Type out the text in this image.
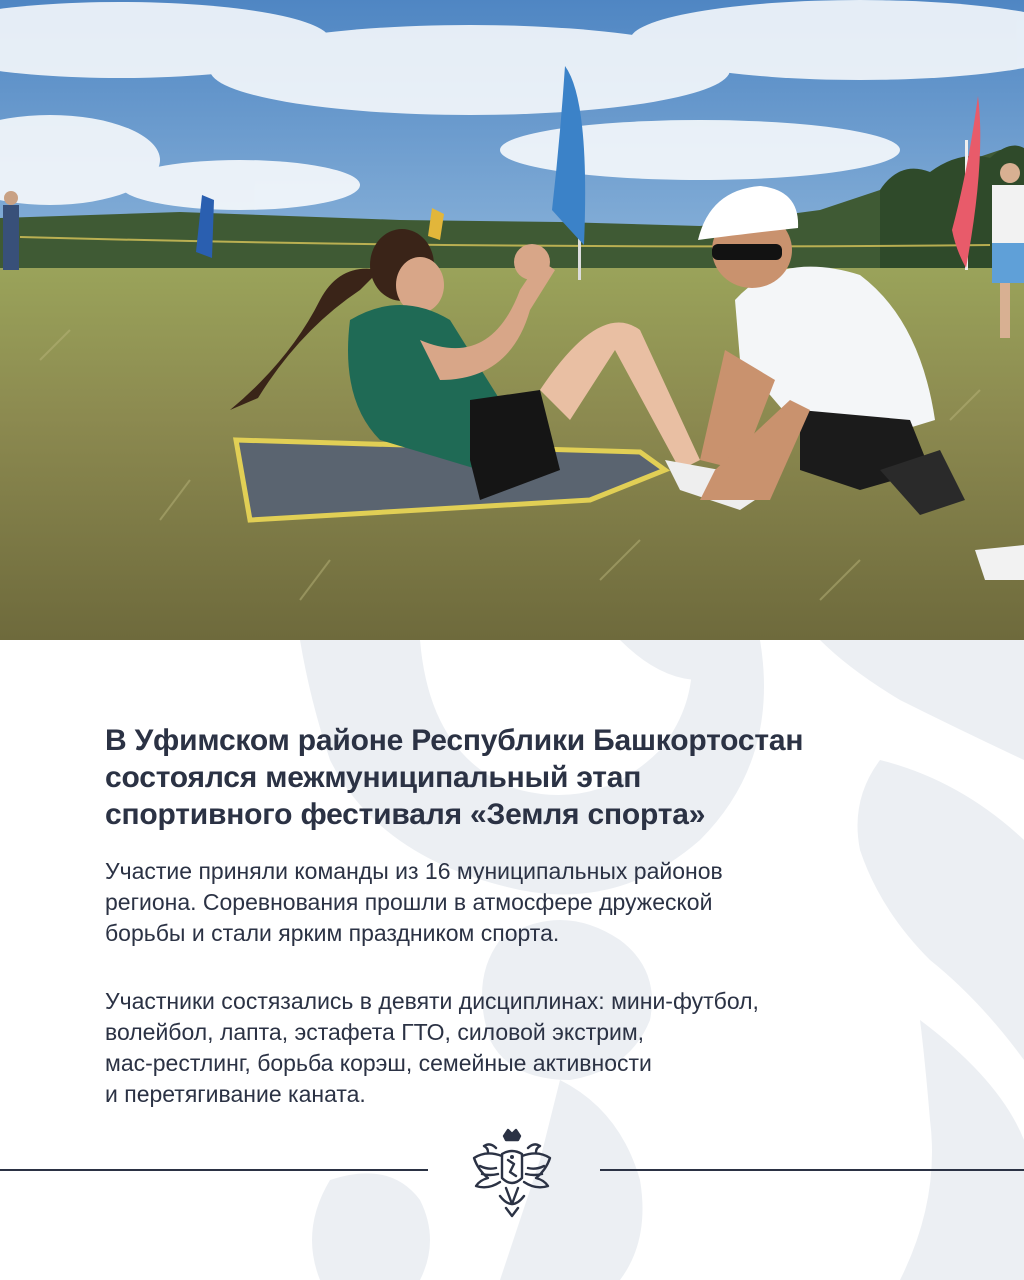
В Уфимском районе Республики Башкортостан
состоялся межмуниципальный этап
спортивного фестиваля «Земля спорта»

Участие приняли команды из 16 муниципальных районов
региона. Соревнования прошли в атмосфере дружеской
борьбы и стали ярким праздником спорта.

Участники состязались в девяти дисциплинах: мини-футбол,
волейбол, лапта, эстафета ГТО, силовой экстрим,
мас-рестлинг, борьба корэш, семейные активности
и перетягивание каната.
